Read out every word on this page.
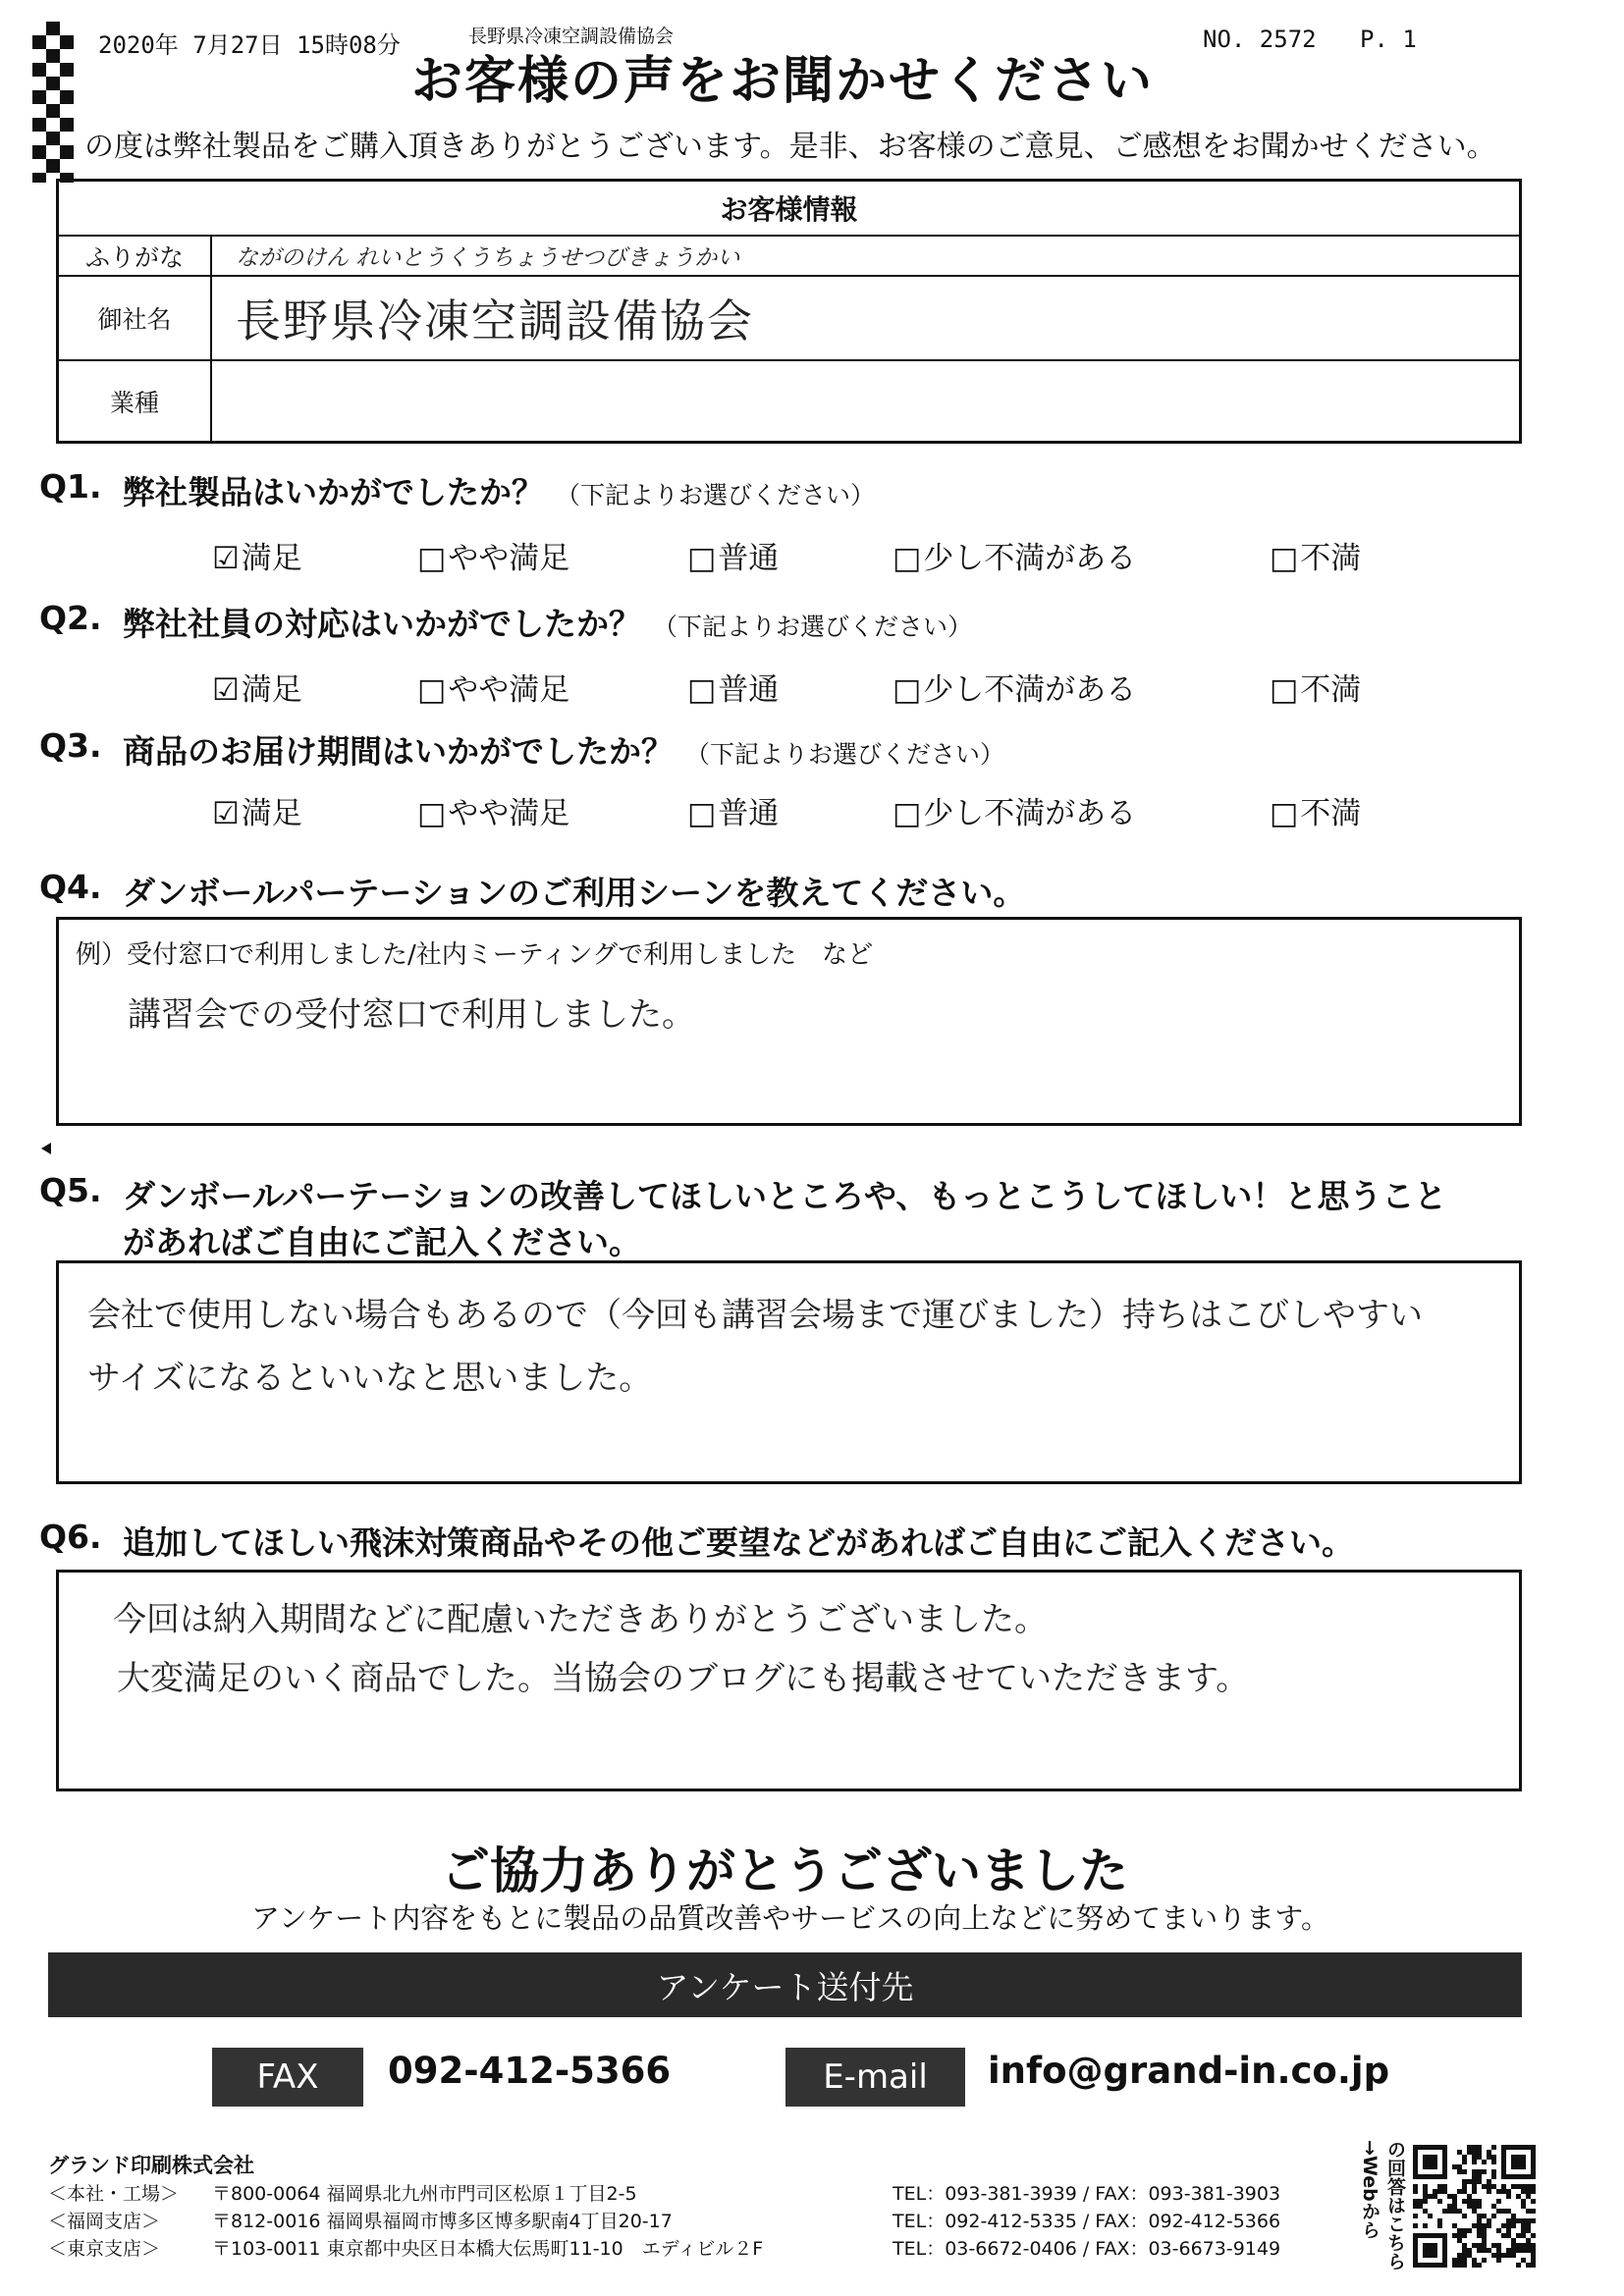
2020年 7月27日 15時08分	長野県冷凍空調設備協会	NO. 2572 P. 1
お客様の声をお聞かせください
の度は弊社製品をご購入頂きありがとうございます。是非、お客様のご意見、ご感想をお聞かせください。
お客様情報
ふりがな	ながのけん れいとうくうちょうせつびきょうかい
御社名	長野県冷凍空調設備協会
業種
Q1. 弊社製品はいかがでしたか？ （下記よりお選びください）
☑満足	□やや満足	□普通	□少し不満がある	□不満
Q2. 弊社社員の対応はいかがでしたか？ （下記よりお選びください）
☑満足	□やや満足	□普通	□少し不満がある	□不満
Q3. 商品のお届け期間はいかがでしたか？ （下記よりお選びください）
☑満足	□やや満足	□普通	□少し不満がある	□不満
Q4. ダンボールパーテーションのご利用シーンを教えてください。
例）受付窓口で利用しました/社内ミーティングで利用しました　など
講習会での受付窓口で利用しました。
Q5. ダンボールパーテーションの改善してほしいところや、もっとこうしてほしい！と思うこと
があればご自由にご記入ください。
会社で使用しない場合もあるので（今回も講習会場まで運びました）持ちはこびしやすい
サイズになるといいなと思いました。
Q6. 追加してほしい飛沫対策商品やその他ご要望などがあればご自由にご記入ください。
今回は納入期間などに配慮いただきありがとうございました。
大変満足のいく商品でした。当協会のブログにも掲載させていただきます。
ご協力ありがとうございました
アンケート内容をもとに製品の品質改善やサービスの向上などに努めてまいります。
アンケート送付先
FAX 092-412-5366	E-mail info@grand-in.co.jp
グランド印刷株式会社
＜本社・工場＞ 〒800-0064 福岡県北九州市門司区松原１丁目2-5	TEL：093-381-3939 / FAX：093-381-3903
＜福岡支店＞	〒812-0016 福岡県福岡市博多区博多駅南4丁目20-17	TEL：092-412-5335 / FAX：092-412-5366
＜東京支店＞	〒103-0011 東京都中央区日本橋大伝馬町11-10　エディビル２F	TEL：03-6672-0406 / FAX：03-6673-9149
→Webから の回答はこちら
